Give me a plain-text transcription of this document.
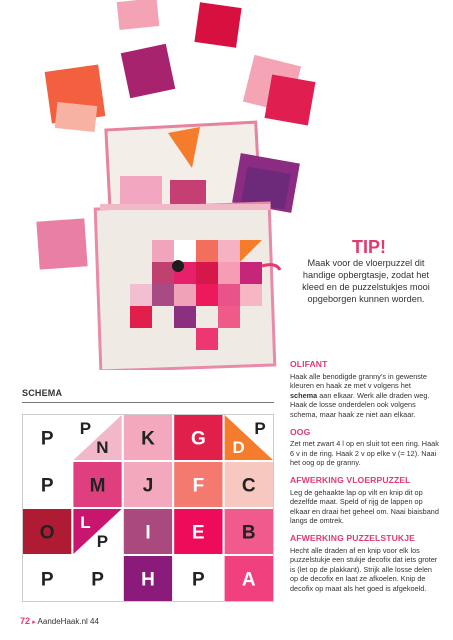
TIP!
Maak voor de vloerpuzzel dit handige opbergtasje, zodat het kleed en de puzzelstukjes mooi opgeborgen kunnen worden.
SCHEMA
P P
N K G	P
D
P M J F C
O L
P I E B
P P H P A
OLIFANT

Haak alle benodigde granny’s in gewenste kleuren en haak ze met v volgens het schema aan elkaar. Werk alle draden weg. Haak de losse onderdelen ook volgens schema, maar haak ze niet aan elkaar.

OOG

Zet met zwart 4 l op en sluit tot een ring. Haak 6 v in de ring. Haak 2 v op elke v (= 12). Naai het oog op de granny.

AFWERKING VLOERPUZZEL

Leg de gehaakte lap op vilt en knip dit op dezelfde maat. Speld of rijg de lappen op elkaar en draai het geheel om. Naai biaisband langs de omtrek.

AFWERKING PUZZELSTUKJE

Hecht alle draden af en knip voor elk los puzzelstukje een stukje decofix dat iets groter is (let op de plakkant). Strijk alle losse delen op de decofix en laat ze afkoelen. Knip de decofix op maat als het goed is afgekoeld.

72 ▸ AandeHaak.nl 44
